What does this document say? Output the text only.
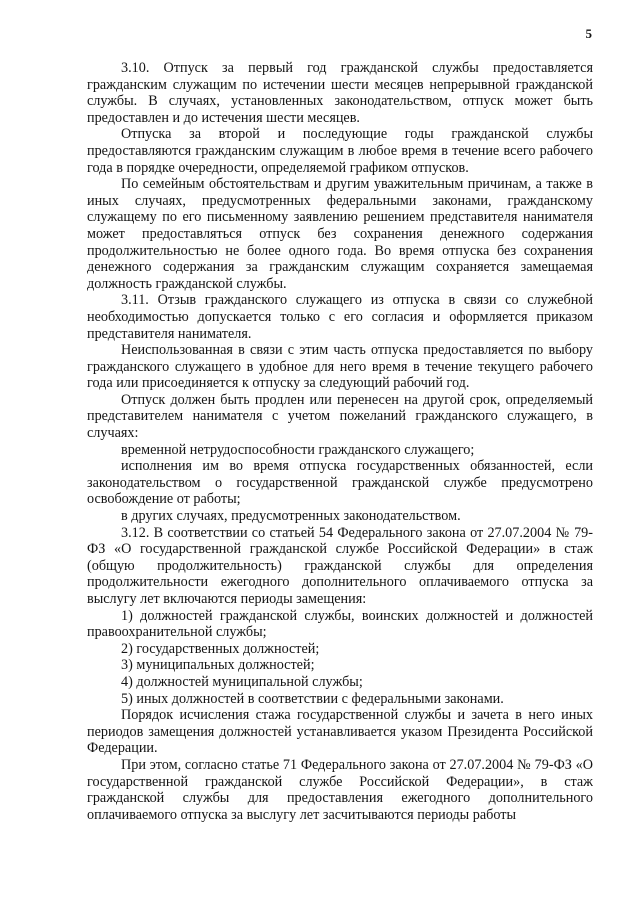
5

3.10. Отпуск за первый год гражданской службы предоставляется гражданским служащим по истечении шести месяцев непрерывной гражданской службы. В случаях, установленных законодательством, отпуск может быть предоставлен и до истечения шести месяцев.

Отпуска за второй и последующие годы гражданской службы предоставляются гражданским служащим в любое время в течение всего рабочего года в порядке очередности, определяемой графиком отпусков.

По семейным обстоятельствам и другим уважительным причинам, а также в иных случаях, предусмотренных федеральными законами, гражданскому служащему по его письменному заявлению решением представителя нанимателя может предоставляться отпуск без сохранения денежного содержания продолжительностью не более одного года. Во время отпуска без сохранения денежного содержания за гражданским служащим сохраняется замещаемая должность гражданской службы.

3.11. Отзыв гражданского служащего из отпуска в связи со служебной необходимостью допускается только с его согласия и оформляется приказом представителя нанимателя.

Неиспользованная в связи с этим часть отпуска предоставляется по выбору гражданского служащего в удобное для него время в течение текущего рабочего года или присоединяется к отпуску за следующий рабочий год.

Отпуск должен быть продлен или перенесен на другой срок, определяемый представителем нанимателя с учетом пожеланий гражданского служащего, в случаях:

временной нетрудоспособности гражданского служащего;

исполнения им во время отпуска государственных обязанностей, если законодательством о государственной гражданской службе предусмотрено освобождение от работы;

в других случаях, предусмотренных законодательством.

3.12. В соответствии со статьей 54 Федерального закона от 27.07.2004 № 79-ФЗ «О государственной гражданской службе Российской Федерации» в стаж (общую продолжительность) гражданской службы для определения продолжительности ежегодного дополнительного оплачиваемого отпуска за выслугу лет включаются периоды замещения:

1) должностей гражданской службы, воинских должностей и должностей правоохранительной службы;

2) государственных должностей;

3) муниципальных должностей;

4) должностей муниципальной службы;

5) иных должностей в соответствии с федеральными законами.

Порядок исчисления стажа государственной службы и зачета в него иных периодов замещения должностей устанавливается указом Президента Российской Федерации.

При этом, согласно статье 71 Федерального закона от 27.07.2004 № 79-ФЗ «О государственной гражданской службе Российской Федерации», в стаж гражданской службы для предоставления ежегодного дополнительного оплачиваемого отпуска за выслугу лет засчитываются периоды работы
